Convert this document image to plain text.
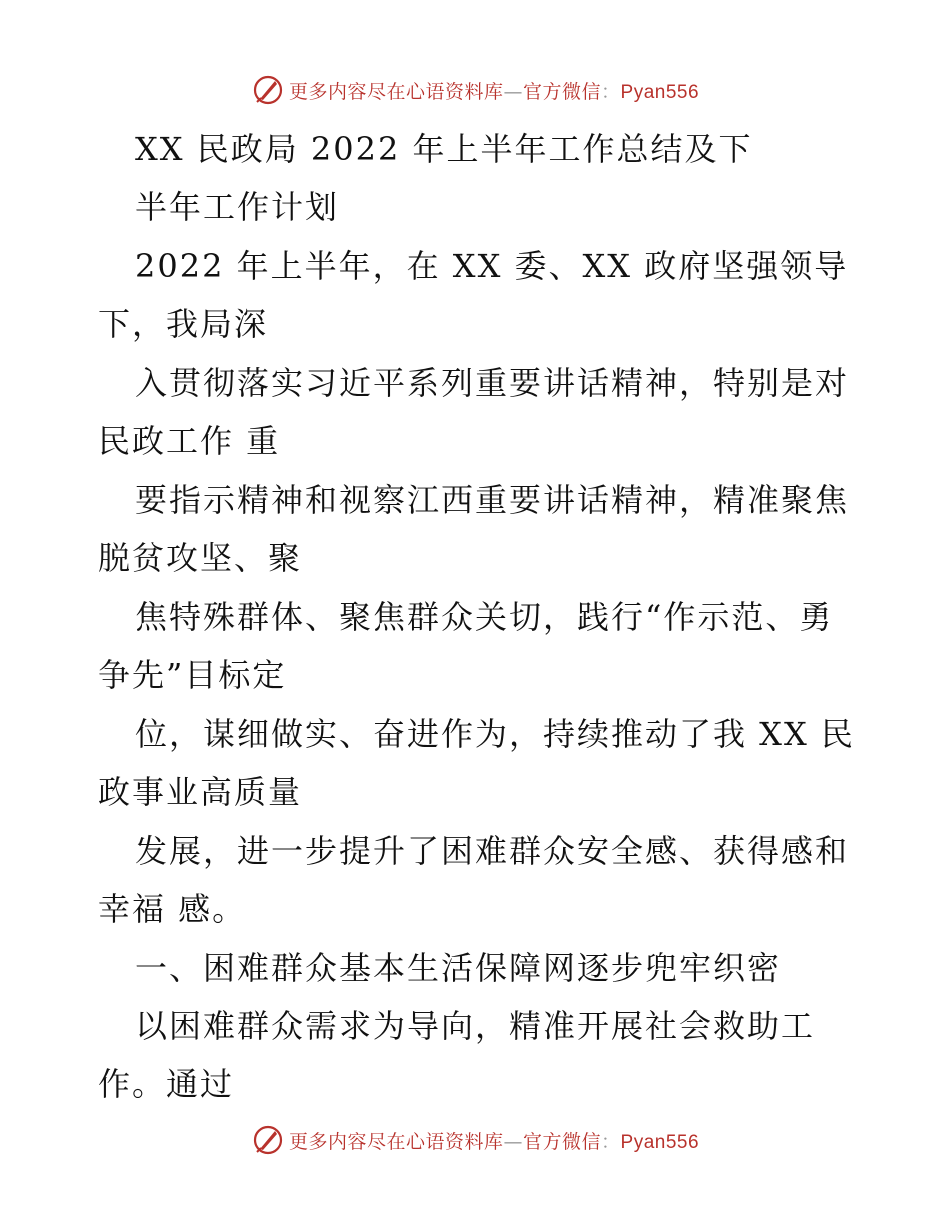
更多内容尽在心语资料库—官方微信：Pyan556
XX 民政局 2022 年上半年工作总结及下
半年工作计划
2022 年上半年，在 XX 委、XX 政府坚强领导
下，我局深
入贯彻落实习近平系列重要讲话精神，特别是对
民政工作 重
要指示精神和视察江西重要讲话精神，精准聚焦
脱贫攻坚、聚
焦特殊群体、聚焦群众关切，践行“作示范、勇
争先”目标定
位，谋细做实、奋进作为，持续推动了我 XX 民
政事业高质量
发展，进一步提升了困难群众安全感、获得感和
幸福 感。
一、困难群众基本生活保障网逐步兜牢织密
以困难群众需求为导向，精准开展社会救助工
作。通过
更多内容尽在心语资料库—官方微信：Pyan556
